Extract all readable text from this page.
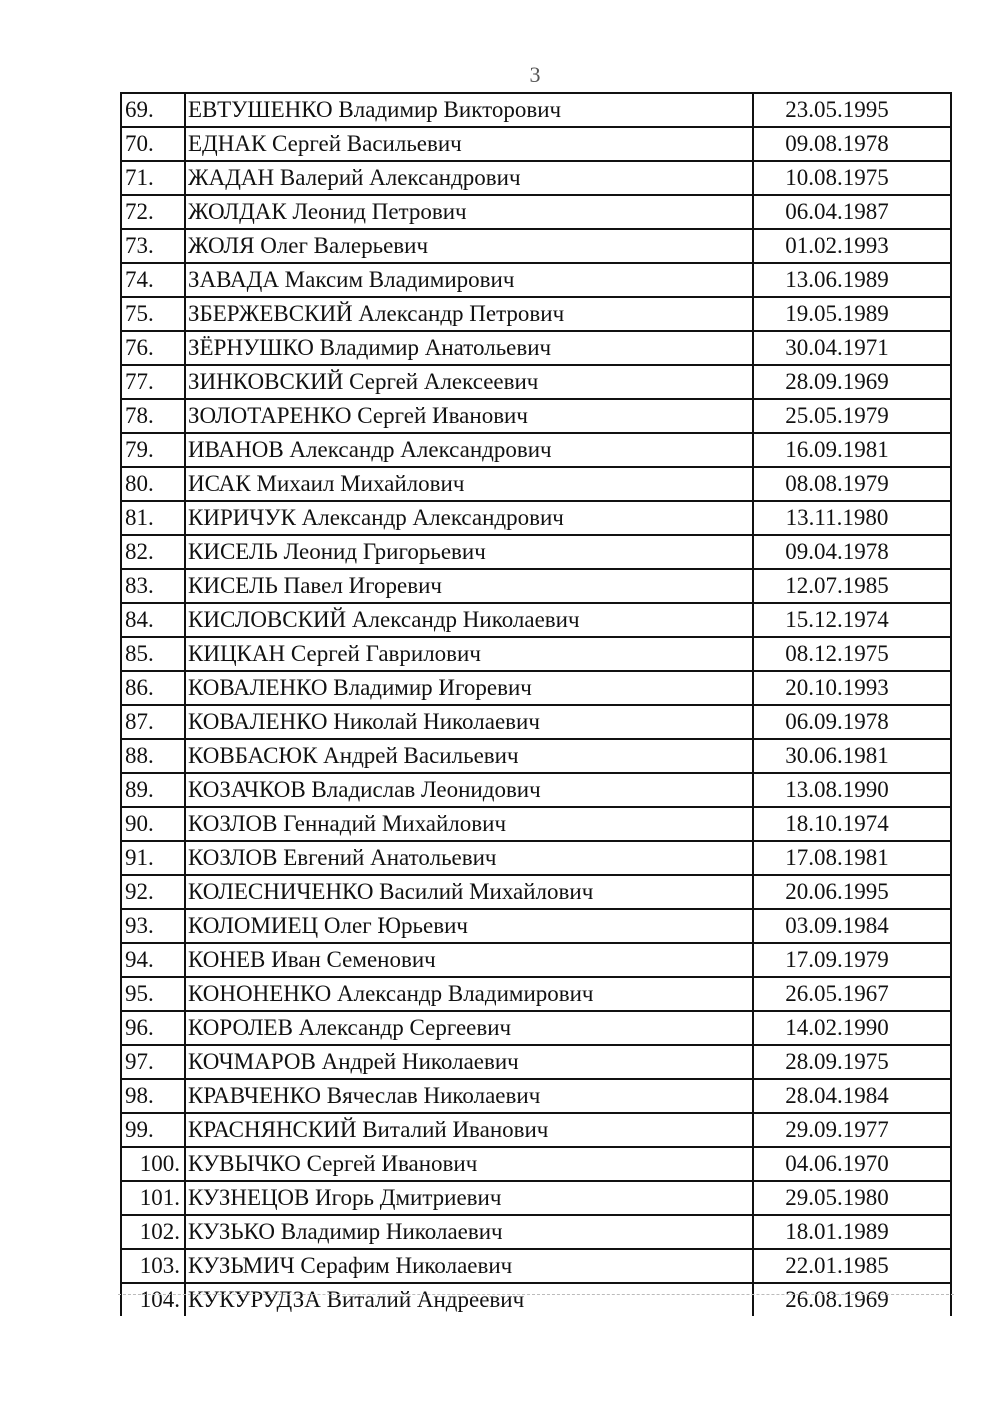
3
69.	ЕВТУШЕНКО Владимир Викторович	23.05.1995
70.	ЕДНАК Сергей Васильевич	09.08.1978
71.	ЖАДАН Валерий Александрович	10.08.1975
72.	ЖОЛДАК Леонид Петрович	06.04.1987
73.	ЖОЛЯ Олег Валерьевич	01.02.1993
74.	ЗАВАДА Максим Владимирович	13.06.1989
75.	ЗБЕРЖЕВСКИЙ Александр Петрович	19.05.1989
76.	ЗЁРНУШКО Владимир Анатольевич	30.04.1971
77.	ЗИНКОВСКИЙ Сергей Алексеевич	28.09.1969
78.	ЗОЛОТАРЕНКО Сергей Иванович	25.05.1979
79.	ИВАНОВ Александр Александрович	16.09.1981
80.	ИСАК Михаил Михайлович	08.08.1979
81.	КИРИЧУК Александр Александрович	13.11.1980
82.	КИСЕЛЬ Леонид Григорьевич	09.04.1978
83.	КИСЕЛЬ Павел Игоревич	12.07.1985
84.	КИСЛОВСКИЙ Александр Николаевич	15.12.1974
85.	КИЦКАН Сергей Гаврилович	08.12.1975
86.	КОВАЛЕНКО Владимир Игоревич	20.10.1993
87.	КОВАЛЕНКО Николай Николаевич	06.09.1978
88.	КОВБАСЮК Андрей Васильевич	30.06.1981
89.	КОЗАЧКОВ Владислав Леонидович	13.08.1990
90.	КОЗЛОВ Геннадий Михайлович	18.10.1974
91.	КОЗЛОВ Евгений Анатольевич	17.08.1981
92.	КОЛЕСНИЧЕНКО Василий Михайлович	20.06.1995
93.	КОЛОМИЕЦ Олег Юрьевич	03.09.1984
94.	КОНЕВ Иван Семенович	17.09.1979
95.	КОНОНЕНКО Александр Владимирович	26.05.1967
96.	КОРОЛЕВ Александр Сергеевич	14.02.1990
97.	КОЧМАРОВ Андрей Николаевич	28.09.1975
98.	КРАВЧЕНКО Вячеслав Николаевич	28.04.1984
99.	КРАСНЯНСКИЙ Виталий Иванович	29.09.1977
100. КУВЫЧКО Сергей Иванович	04.06.1970
101. КУЗНЕЦОВ Игорь Дмитриевич	29.05.1980
102. КУЗЬКО Владимир Николаевич	18.01.1989
103. КУЗЬМИЧ Серафим Николаевич	22.01.1985
104. КУКУРУДЗА Виталий Андреевич	26.08.1969
